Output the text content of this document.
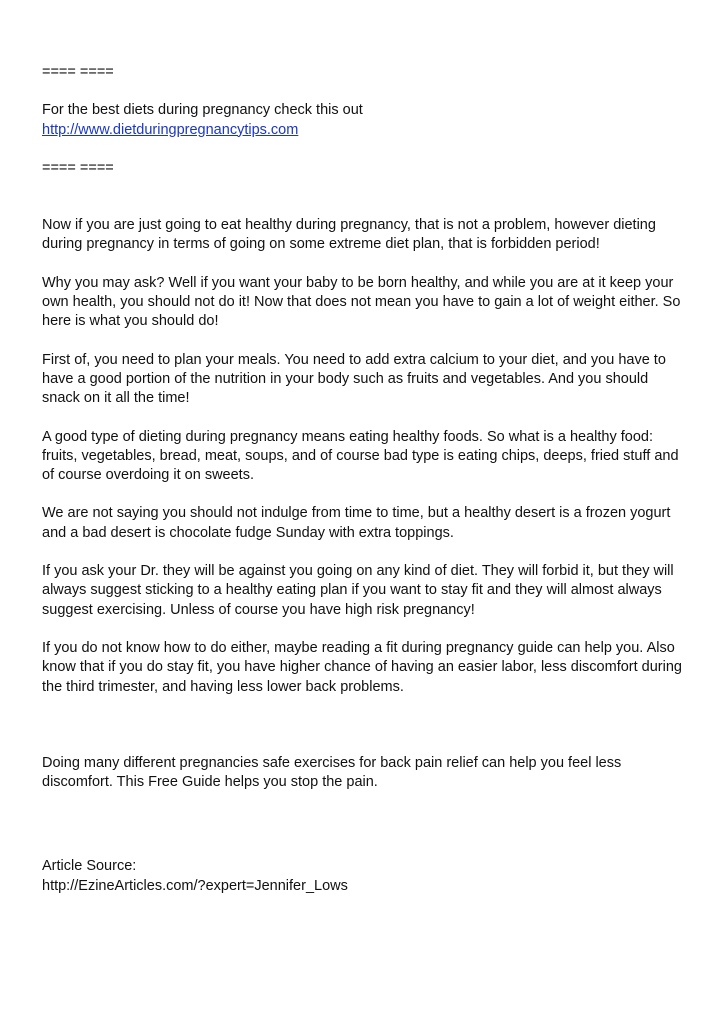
==== ====
For the best diets during pregnancy check this out
http://www.dietduringpregnancytips.com
==== ====

Now if you are just going to eat healthy during pregnancy, that is not a problem, however dieting during pregnancy in terms of going on some extreme diet plan, that is forbidden period!

Why you may ask? Well if you want your baby to be born healthy, and while you are at it keep your own health, you should not do it! Now that does not mean you have to gain a lot of weight either. So here is what you should do!

First of, you need to plan your meals. You need to add extra calcium to your diet, and you have to have a good portion of the nutrition in your body such as fruits and vegetables. And you should snack on it all the time!

A good type of dieting during pregnancy means eating healthy foods. So what is a healthy food: fruits, vegetables, bread, meat, soups, and of course bad type is eating chips, deeps, fried stuff and of course overdoing it on sweets.

We are not saying you should not indulge from time to time, but a healthy desert is a frozen yogurt and a bad desert is chocolate fudge Sunday with extra toppings.

If you ask your Dr. they will be against you going on any kind of diet. They will forbid it, but they will always suggest sticking to a healthy eating plan if you want to stay fit and they will almost always suggest exercising. Unless of course you have high risk pregnancy!

If you do not know how to do either, maybe reading a fit during pregnancy guide can help you. Also know that if you do stay fit, you have higher chance of having an easier labor, less discomfort during the third trimester, and having less lower back problems.

Doing many different pregnancies safe exercises for back pain relief can help you feel less discomfort. This Free Guide helps you stop the pain.

Article Source:
http://EzineArticles.com/?expert=Jennifer_Lows
